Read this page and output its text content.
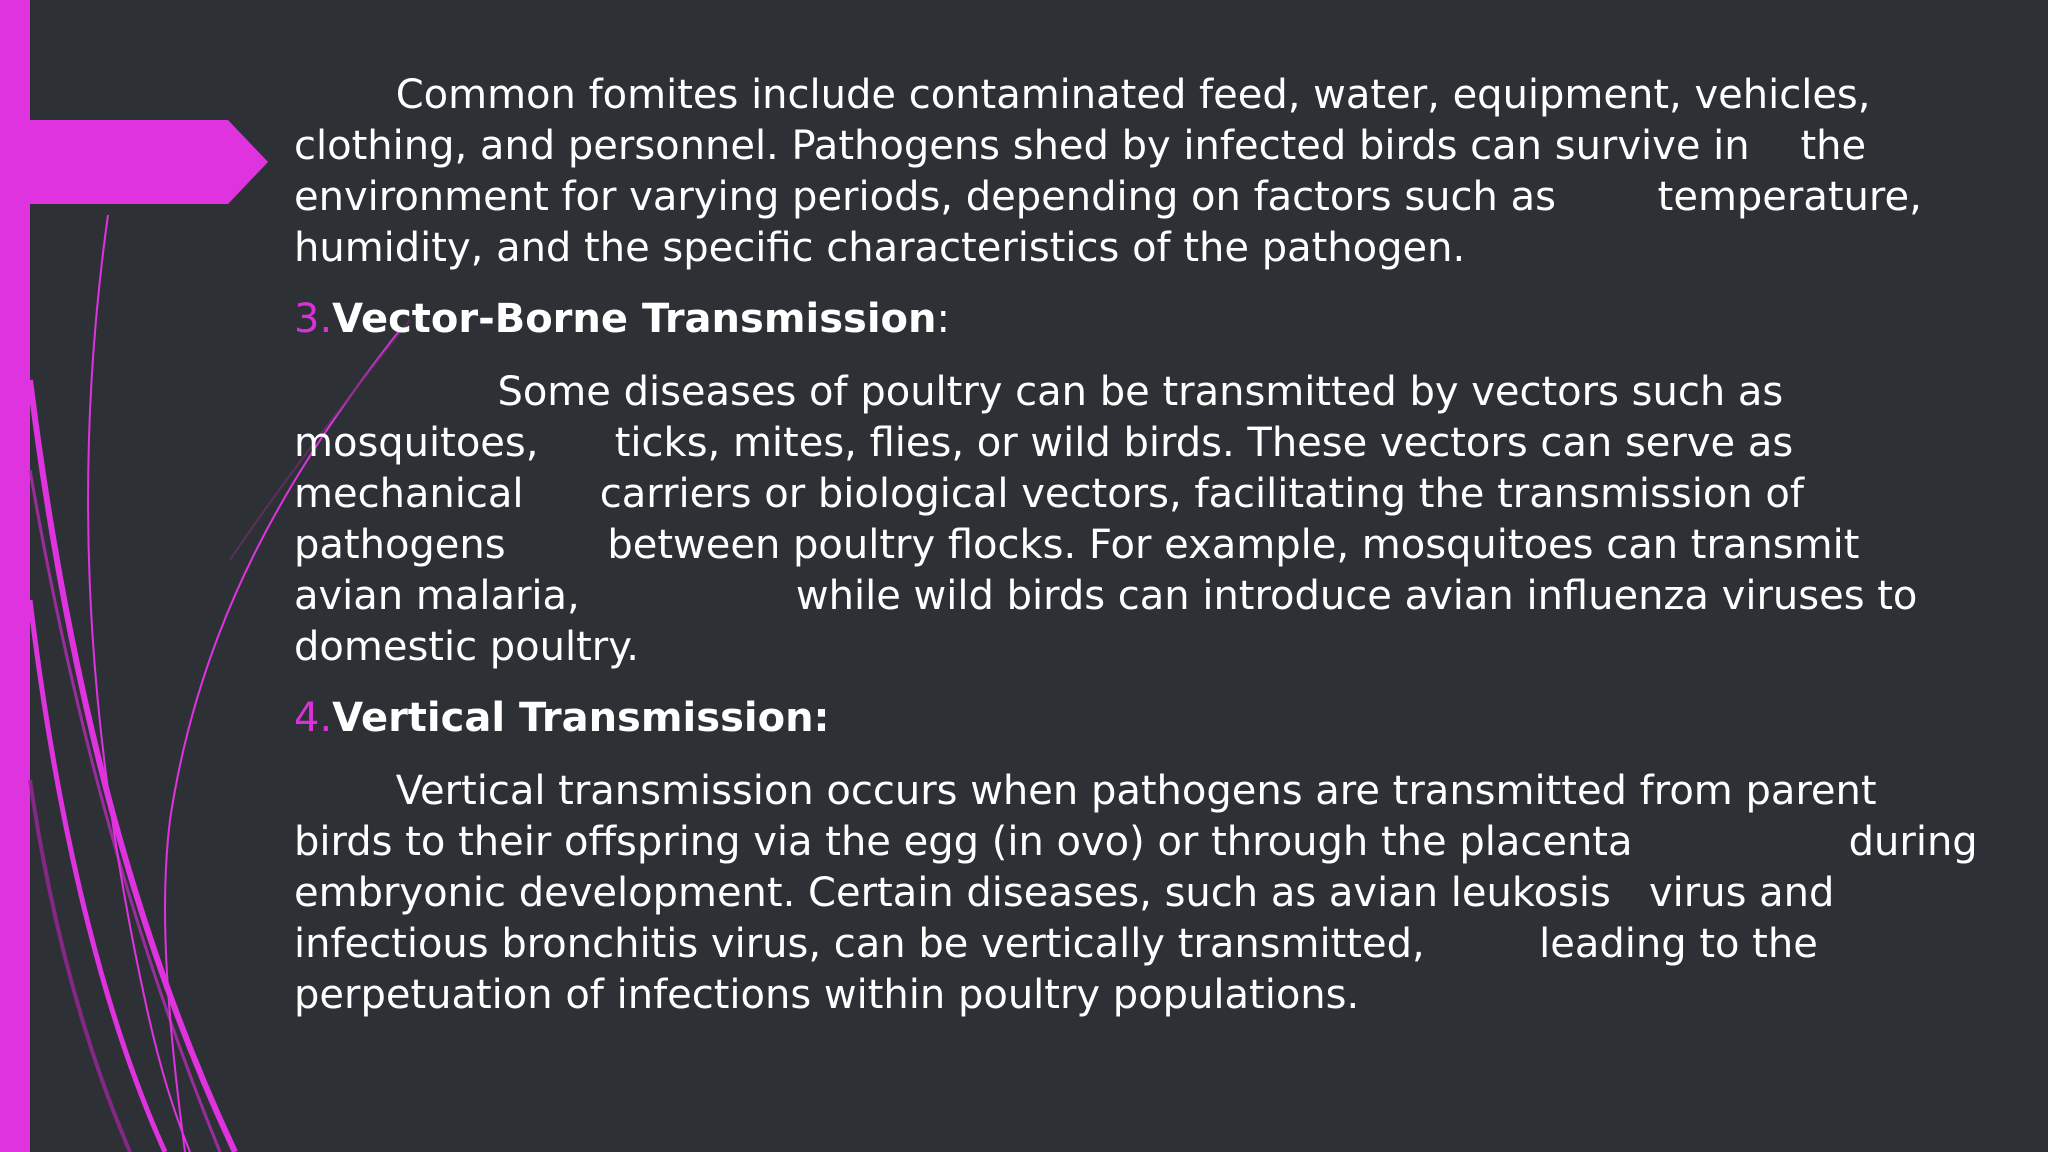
Common fomites include contaminated feed, water, equipment, vehicles,
clothing, and personnel. Pathogens shed by infected birds can survive in    the
environment for varying periods, depending on factors such as        temperature,
humidity, and the specific characteristics of the pathogen.
3.Vector-Borne Transmission:
Some diseases of poultry can be transmitted by vectors such as
mosquitoes,      ticks, mites, flies, or wild birds. These vectors can serve as
mechanical      carriers or biological vectors, facilitating the transmission of
pathogens        between poultry flocks. For example, mosquitoes can transmit
avian malaria,                 while wild birds can introduce avian influenza viruses to
domestic poultry.
4.Vertical Transmission:
Vertical transmission occurs when pathogens are transmitted from parent
birds to their offspring via the egg (in ovo) or through the placenta                 during
embryonic development. Certain diseases, such as avian leukosis   virus and
infectious bronchitis virus, can be vertically transmitted,         leading to the
perpetuation of infections within poultry populations.
